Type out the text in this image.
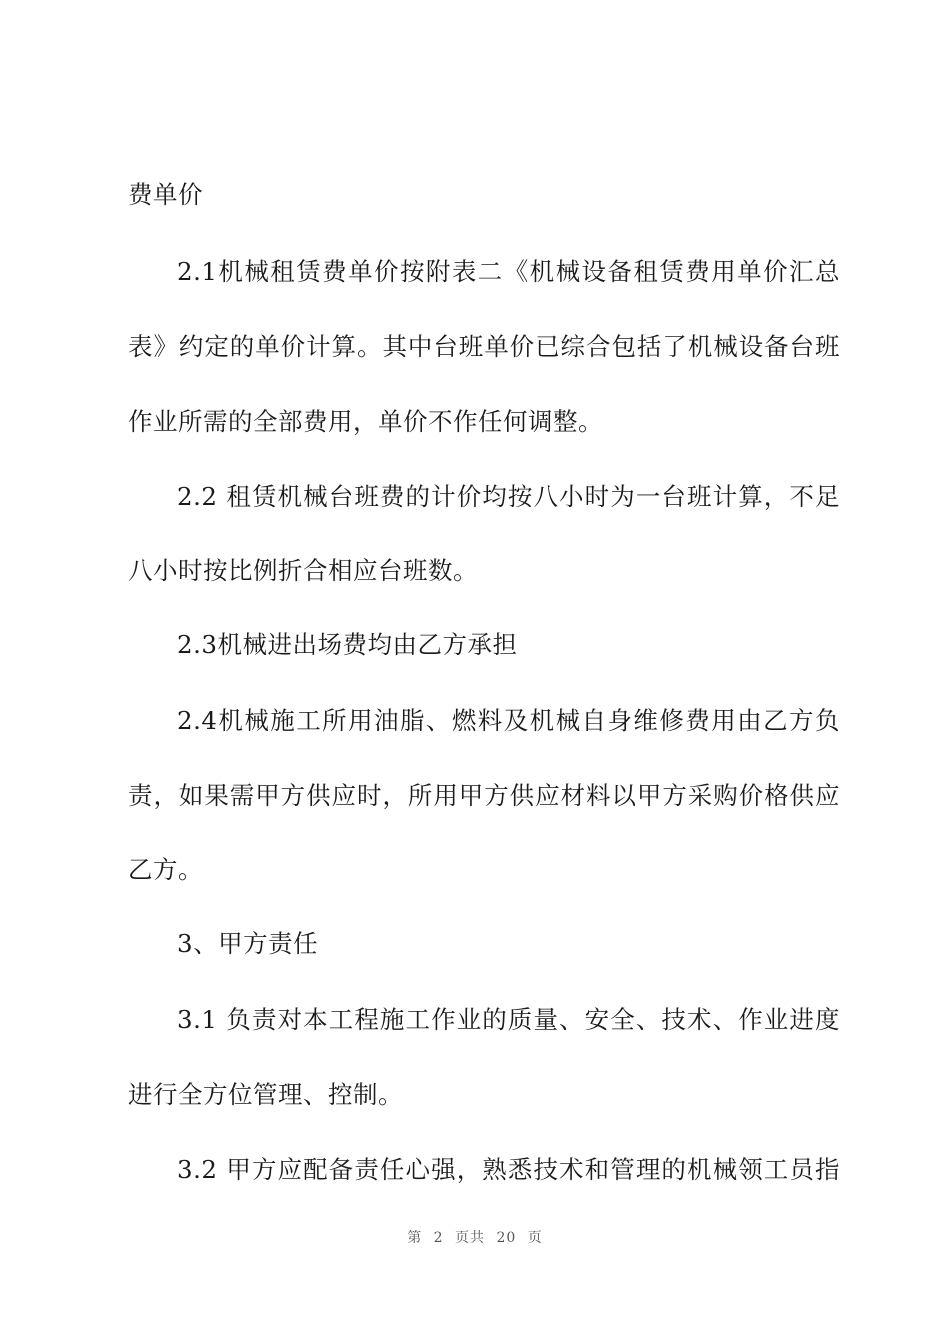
费单价
2.1机械租赁费单价按附表二《机械设备租赁费用单价汇总
表》约定的单价计算。其中台班单价已综合包括了机械设备台班
作业所需的全部费用，单价不作任何调整。
2.2 租赁机械台班费的计价均按八小时为一台班计算，不足
八小时按比例折合相应台班数。
2.3机械进出场费均由乙方承担
2.4机械施工所用油脂、燃料及机械自身维修费用由乙方负
责，如果需甲方供应时，所用甲方供应材料以甲方采购价格供应
乙方。
3、甲方责任
3.1 负责对本工程施工作业的质量、安全、技术、作业进度
进行全方位管理、控制。
3.2 甲方应配备责任心强，熟悉技术和管理的机械领工员指
第 2 页共 20 页
